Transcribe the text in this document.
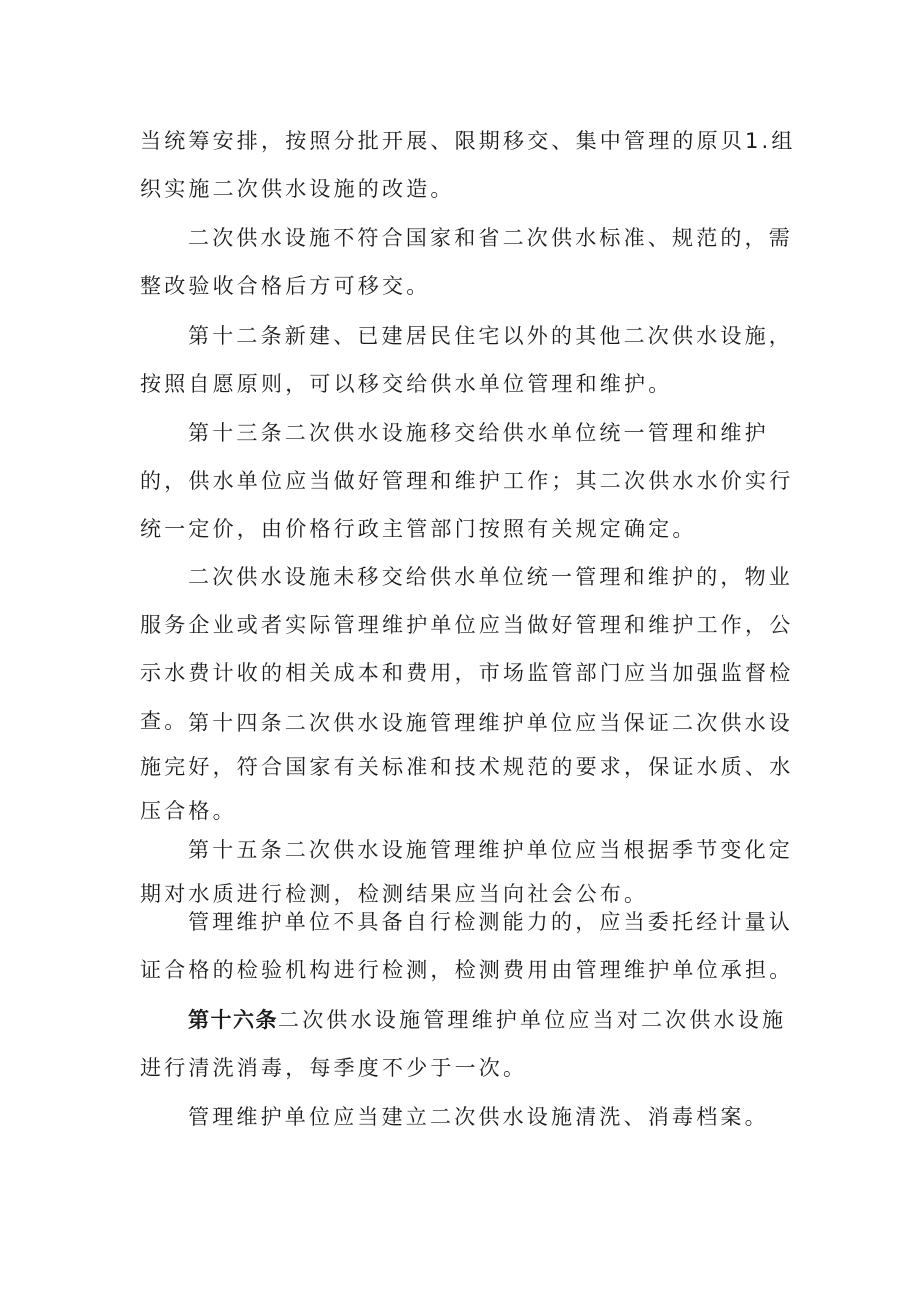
当统筹安排，按照分批开展、限期移交、集中管理的原贝1.组织实施二次供水设施的改造。

二次供水设施不符合国家和省二次供水标准、规范的，需整改验收合格后方可移交。

第十二条新建、已建居民住宅以外的其他二次供水设施，按照自愿原则，可以移交给供水单位管理和维护。

第十三条二次供水设施移交给供水单位统一管理和维护的，供水单位应当做好管理和维护工作；其二次供水水价实行统一定价，由价格行政主管部门按照有关规定确定。

二次供水设施未移交给供水单位统一管理和维护的，物业服务企业或者实际管理维护单位应当做好管理和维护工作，公示水费计收的相关成本和费用，市场监管部门应当加强监督检查。 第十四条二次供水设施管理维护单位应当保证二次供水设施完好，符合国家有关标准和技术规范的要求，保证水质、水压合格。

第十五条二次供水设施管理维护单位应当根据季节变化定期对水质进行检测，检测结果应当向社会公布。

管理维护单位不具备自行检测能力的，应当委托经计量认证合格的检验机构进行检测，检测费用由管理维护单位承担。

第十六条二次供水设施管理维护单位应当对二次供水设施进行清洗消毒，每季度不少于一次。

管理维护单位应当建立二次供水设施清洗、消毒档案。
